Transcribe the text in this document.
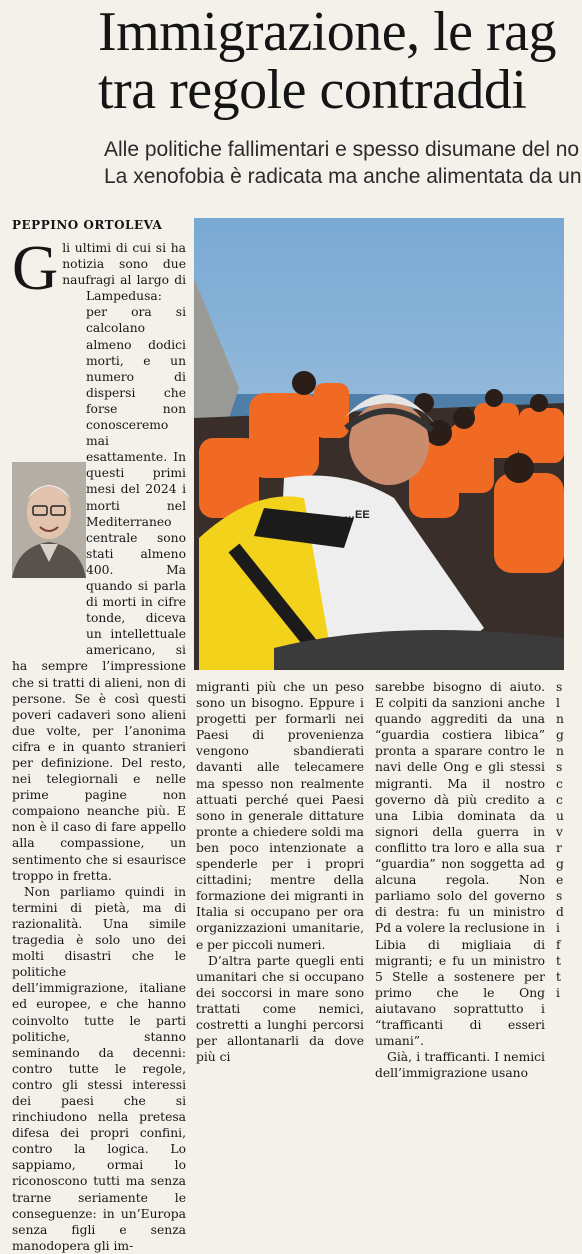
Immigrazione, le rag
tra regole contraddi
Alle politiche fallimentari e spesso disumane del no
La xenofobia è radicata ma anche alimentata da un
PEPPINO ORTOLEVA

G li ultimi di cui si ha notizia sono due naufragi al largo di Lampedusa: per ora si calcolano almeno dodici morti, e un numero di dispersi che forse non conosceremo mai esattamente. In questi primi mesi del 2024 i morti nel Mediterraneo centrale sono stati almeno 400. Ma quando si parla di morti in cifre tonde, diceva un intellettuale americano, si ha sempre l’impressione che si tratti di alieni, non di persone. Se è così questi poveri cadaveri sono alieni due volte, per l’anonima cifra e in quanto stranieri per definizione. Del resto, nei telegiornali e nelle prime pagine non compaiono neanche più. E non è il caso di fare appello alla compassione, un sentimento che si esaurisce troppo in fretta.

Non parliamo quindi in termini di pietà, ma di razionalità. Una simile tragedia è solo uno dei molti disastri che le politiche dell’immigrazione, italiane ed europee, e che hanno coinvolto tutte le parti politiche, stanno seminando da decenni: contro tutte le regole, contro gli stessi interessi dei paesi che si rinchiudono nella pretesa difesa dei propri confini, contro la logica. Lo sappiamo, ormai lo riconoscono tutti ma senza trarne seriamente le conseguenze: in un’Europa senza figli e senza manodopera gli im-

…EE

migranti più che un peso sono un bisogno. Eppure i progetti per formarli nei Paesi di provenienza vengono sbandierati davanti alle telecamere ma spesso non realmente attuati perché quei Paesi sono in generale dittature pronte a chiedere soldi ma ben poco intenzionate a spenderle per i propri cittadini; mentre della formazione dei migranti in Italia si occupano per ora organizzazioni umanitarie, e per piccoli numeri.

D’altra parte quegli enti umanitari che si occupano dei soccorsi in mare sono trattati come nemici, costretti a lunghi percorsi per allontanarli da dove più ci

sarebbe bisogno di aiuto. E colpiti da sanzioni anche quando aggrediti da una “guardia costiera libica” pronta a sparare contro le navi delle Ong e gli stessi migranti. Ma il nostro governo dà più credito a una Libia dominata da signori della guerra in conflitto tra loro e alla sua “guardia” non soggetta ad alcuna regola. Non parliamo solo del governo di destra: fu un ministro Pd a volere la reclusione in Libia di migliaia di migranti; e fu un ministro 5 Stelle a sostenere per primo che le Ong aiutavano soprattutto i “trafficanti di esseri umani”.

Già, i trafficanti. I nemici dell’immigrazione usano

s
l
n
g
n
s
c
c
u
v
r
g
e
s
d
i
f
t
t
i
